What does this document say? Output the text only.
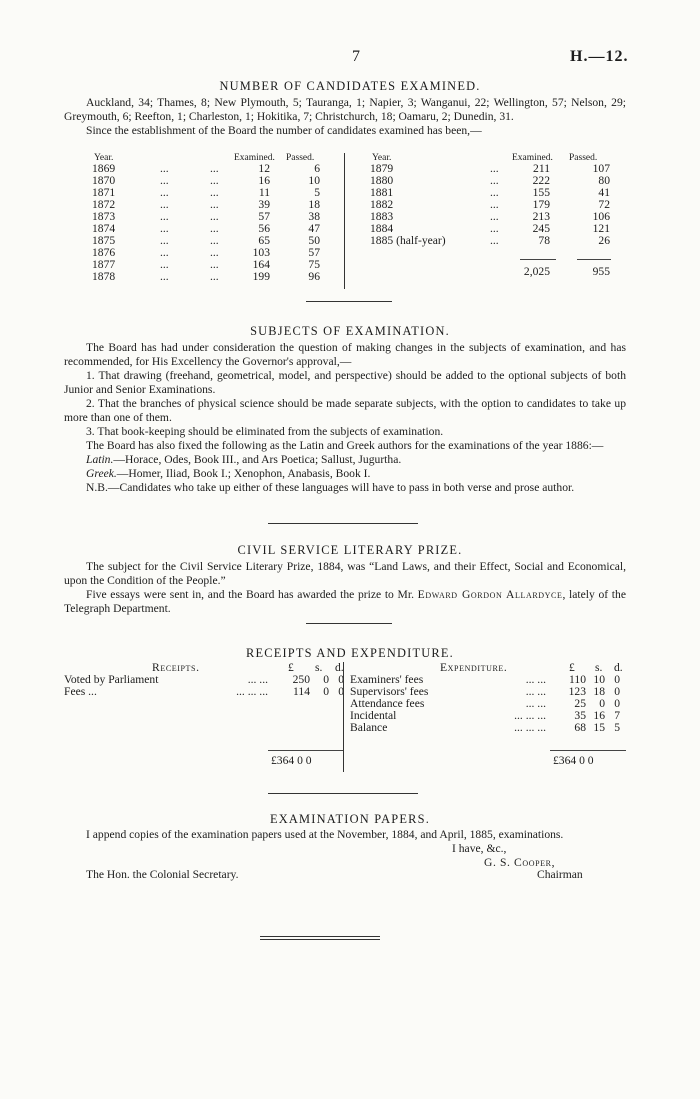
7	H.—12.
NUMBER OF CANDIDATES EXAMINED.

Auckland, 34; Thames, 8; New Plymouth, 5; Tauranga, 1; Napier, 3; Wanganui, 22; Wellington, 57; Nelson, 29; Greymouth, 6; Reefton, 1; Charleston, 1; Hokitika, 7; Christchurch, 18; Oamaru, 2; Dunedin, 31.

Since the establishment of the Board the number of candidates examined has been,—

Year.	Examined. Passed.
1869	...	...	12	6
1870	...	...	16	10
1871	...	...	11	5
1872	...	...	39	18
1873	...	...	57	38
1874	...	...	56	47
1875	...	...	65	50
1876	...	...	103	57
1877	...	...	164	75
1878	...	...	199	96
Year.	Examined. Passed.
1879	...	211	107
1880	...	222	80
1881	...	155	41
1882	...	179	72
1883	...	213	106
1884	...	245	121
1885 (half-year)	...	78	26
2,025	955
SUBJECTS OF EXAMINATION.

The Board has had under consideration the question of making changes in the subjects of examination, and has recommended, for His Excellency the Governor's approval,—

1. That drawing (freehand, geometrical, model, and perspective) should be added to the optional subjects of both Junior and Senior Examinations.

2. That the branches of physical science should be made separate subjects, with the option to candidates to take up more than one of them.

3. That book-keeping should be eliminated from the subjects of examination.

The Board has also fixed the following as the Latin and Greek authors for the examinations of the year 1886:—

Latin.—Horace, Odes, Book III., and Ars Poetica; Sallust, Jugurtha.

Greek.—Homer, Iliad, Book I.; Xenophon, Anabasis, Book I.

N.B.—Candidates who take up either of these languages will have to pass in both verse and prose author.

CIVIL SERVICE LITERARY PRIZE.

The subject for the Civil Service Literary Prize, 1884, was “Land Laws, and their Effect, Social and Economical, upon the Condition of the People.”

Five essays were sent in, and the Board has awarded the prize to Mr. Edward Gordon Allardyce, lately of the Telegraph Department.

RECEIPTS AND EXPENDITURE.
Receipts.	£ s. d.
Voted by Parliament	... ... 250 0 0
Fees ...	... ... ... 114 0 0
£364 0 0
Expenditure.	£ s. d.
Examiners' fees	... ... 110 10 0
Supervisors' fees	... ... 123 18 0
Attendance fees	... ... 25 0 0
Incidental	... ... ... 35 16 7
Balance	... ... ... 68 15 5
£364 0 0
EXAMINATION PAPERS.

I append copies of the examination papers used at the November, 1884, and April, 1885, examinations.

I have, &c.,
G. S. Cooper,
The Hon. the Colonial Secretary.	Chairman
